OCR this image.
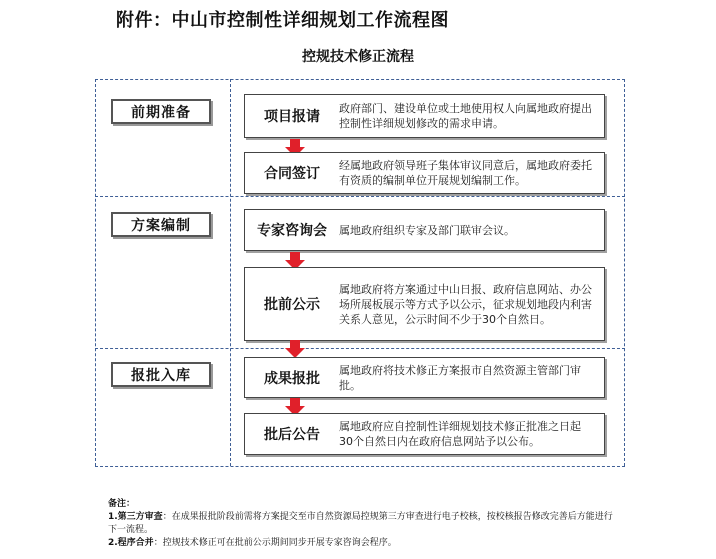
附件：中山市控制性详细规划工作流程图
控规技术修正流程
前期准备
方案编制
报批入库
项目报请
政府部门、建设单位或土地使用权人向属地政府提出控制性详细规划修改的需求申请。
合同签订
经属地政府领导班子集体审议同意后，属地政府委托有资质的编制单位开展规划编制工作。
专家咨询会	属地政府组织专家及部门联审会议。
批前公示
属地政府将方案通过中山日报、政府信息网站、办公场所展板展示等方式予以公示，征求规划地段内利害关系人意见，公示时间不少于30个自然日。
成果报批
属地政府将技术修正方案报市自然资源主管部门审批。
批后公告
属地政府应自控制性详细规划技术修正批准之日起30个自然日内在政府信息网站予以公布。
备注：
1.第三方审查：在成果报批阶段前需将方案提交至市自然资源局控规第三方审查进行电子校核，按校核报告修改完善后方能进行下一流程。
2.程序合并：控规技术修正可在批前公示期间同步开展专家咨询会程序。
